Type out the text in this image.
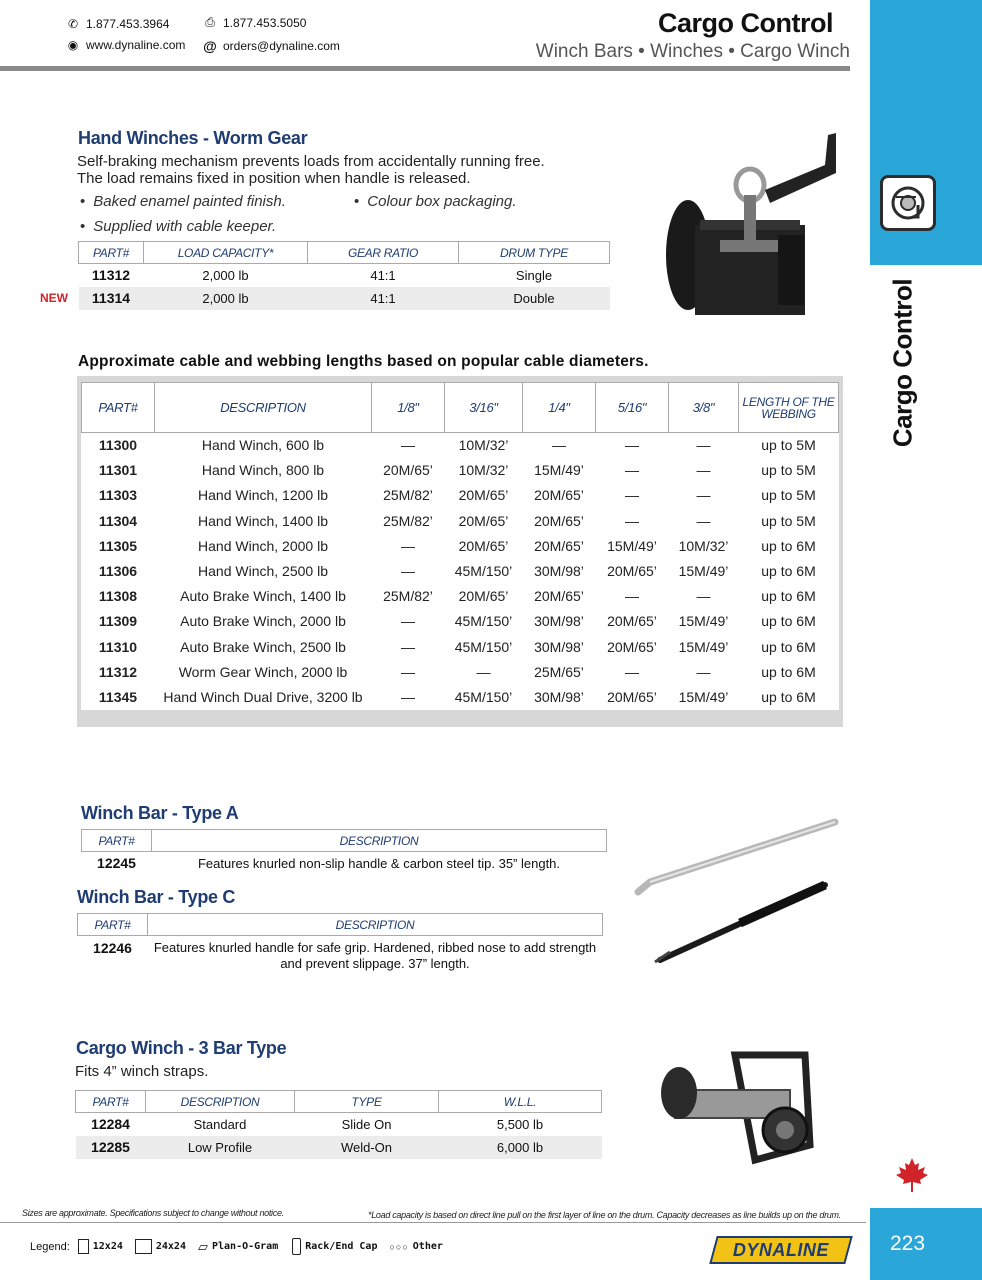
✆ 1.877.453.3964	⎙ 1.877.453.5050
◉ www.dynaline.com @ orders@dynaline.com
Cargo Control
Winch Bars • Winches • Cargo Winch
Cargo Control
223
Hand Winches - Worm Gear
Self-braking mechanism prevents loads from accidentally running free.
The load remains fixed in position when handle is released.
• Baked enamel painted finish.	• Colour box packaging.
• Supplied with cable keeper.
NEW
PART#	LOAD CAPACITY*	GEAR RATIO	DRUM TYPE
11312	2,000 lb	41:1	Single
11314	2,000 lb	41:1	Double
Approximate cable and webbing lengths based on popular cable diameters.
PART#	DESCRIPTION	1/8"	3/16"	1/4"	5/16"	3/8"	LENGTH OF THE WEBBING
11300	Hand Winch, 600 lb	—	10M/32’	—	—	—	up to 5M
11301	Hand Winch, 800 lb	20M/65’	10M/32’	15M/49’	—	—	up to 5M
11303	Hand Winch, 1200 lb	25M/82’	20M/65’	20M/65’	—	—	up to 5M
11304	Hand Winch, 1400 lb	25M/82’	20M/65’	20M/65’	—	—	up to 5M
11305	Hand Winch, 2000 lb	—	20M/65’	20M/65’	15M/49’	10M/32’	up to 6M
11306	Hand Winch, 2500 lb	—	45M/150’	30M/98’	20M/65’	15M/49’	up to 6M
11308	Auto Brake Winch, 1400 lb	25M/82’	20M/65’	20M/65’	—	—	up to 6M
11309	Auto Brake Winch, 2000 lb	—	45M/150’	30M/98’	20M/65’	15M/49’	up to 6M
11310	Auto Brake Winch, 2500 lb	—	45M/150’	30M/98’	20M/65’	15M/49’	up to 6M
11312	Worm Gear Winch, 2000 lb	—	—	25M/65’	—	—	up to 6M
11345	Hand Winch Dual Drive, 3200 lb	—	45M/150’	30M/98’	20M/65’	15M/49’	up to 6M
Winch Bar - Type A
PART#	DESCRIPTION
12245	Features knurled non-slip handle & carbon steel tip. 35” length.
Winch Bar - Type C
PART#	DESCRIPTION
12246	Features knurled handle for safe grip. Hardened, ribbed nose to add strength
and prevent slippage. 37” length.
Cargo Winch - 3 Bar Type
Fits 4” winch straps.
PART#	DESCRIPTION	TYPE	W.L.L.
12284	Standard	Slide On	5,500 lb
12285	Low Profile	Weld-On	6,000 lb
Sizes are approximate. Specifications subject to change without notice.	*Load capacity is based on direct line pull on the first layer of line on the drum. Capacity decreases as line builds up on the drum.
Legend: 12x24	24x24 ▱ Plan-O-Gram	Rack/End Cap ○○○ Other	DYNALINE
